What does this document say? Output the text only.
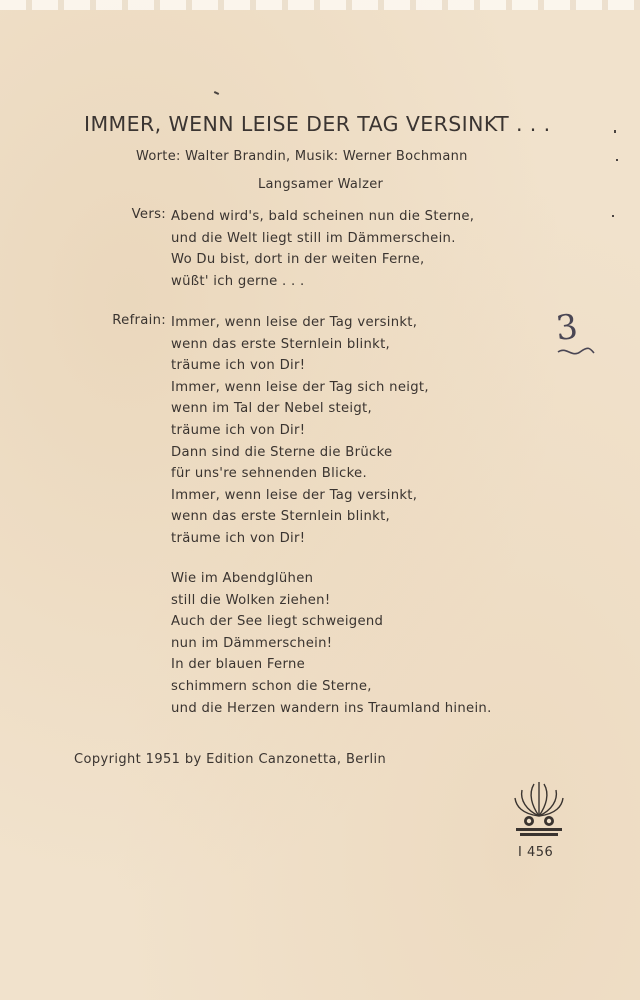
IMMER, WENN LEISE DER TAG VERSINKT . . .
Worte: Walter Brandin, Musik: Werner Bochmann
Langsamer Walzer
Vers: Abend wird's, bald scheinen nun die Sterne,
und die Welt liegt still im Dämmerschein.
Wo Du bist, dort in der weiten Ferne,
wüßt' ich gerne . . .
Refrain: Immer, wenn leise der Tag versinkt,
wenn das erste Sternlein blinkt,
träume ich von Dir!
Immer, wenn leise der Tag sich neigt,
wenn im Tal der Nebel steigt,
träume ich von Dir!
Dann sind die Sterne die Brücke
für uns're sehnenden Blicke.
Immer, wenn leise der Tag versinkt,
wenn das erste Sternlein blinkt,
träume ich von Dir!
Wie im Abendglühen
still die Wolken ziehen!
Auch der See liegt schweigend
nun im Dämmerschein!
In der blauen Ferne
schimmern schon die Sterne,
und die Herzen wandern ins Traumland hinein.
3
Copyright 1951 by Edition Canzonetta, Berlin
I 456
